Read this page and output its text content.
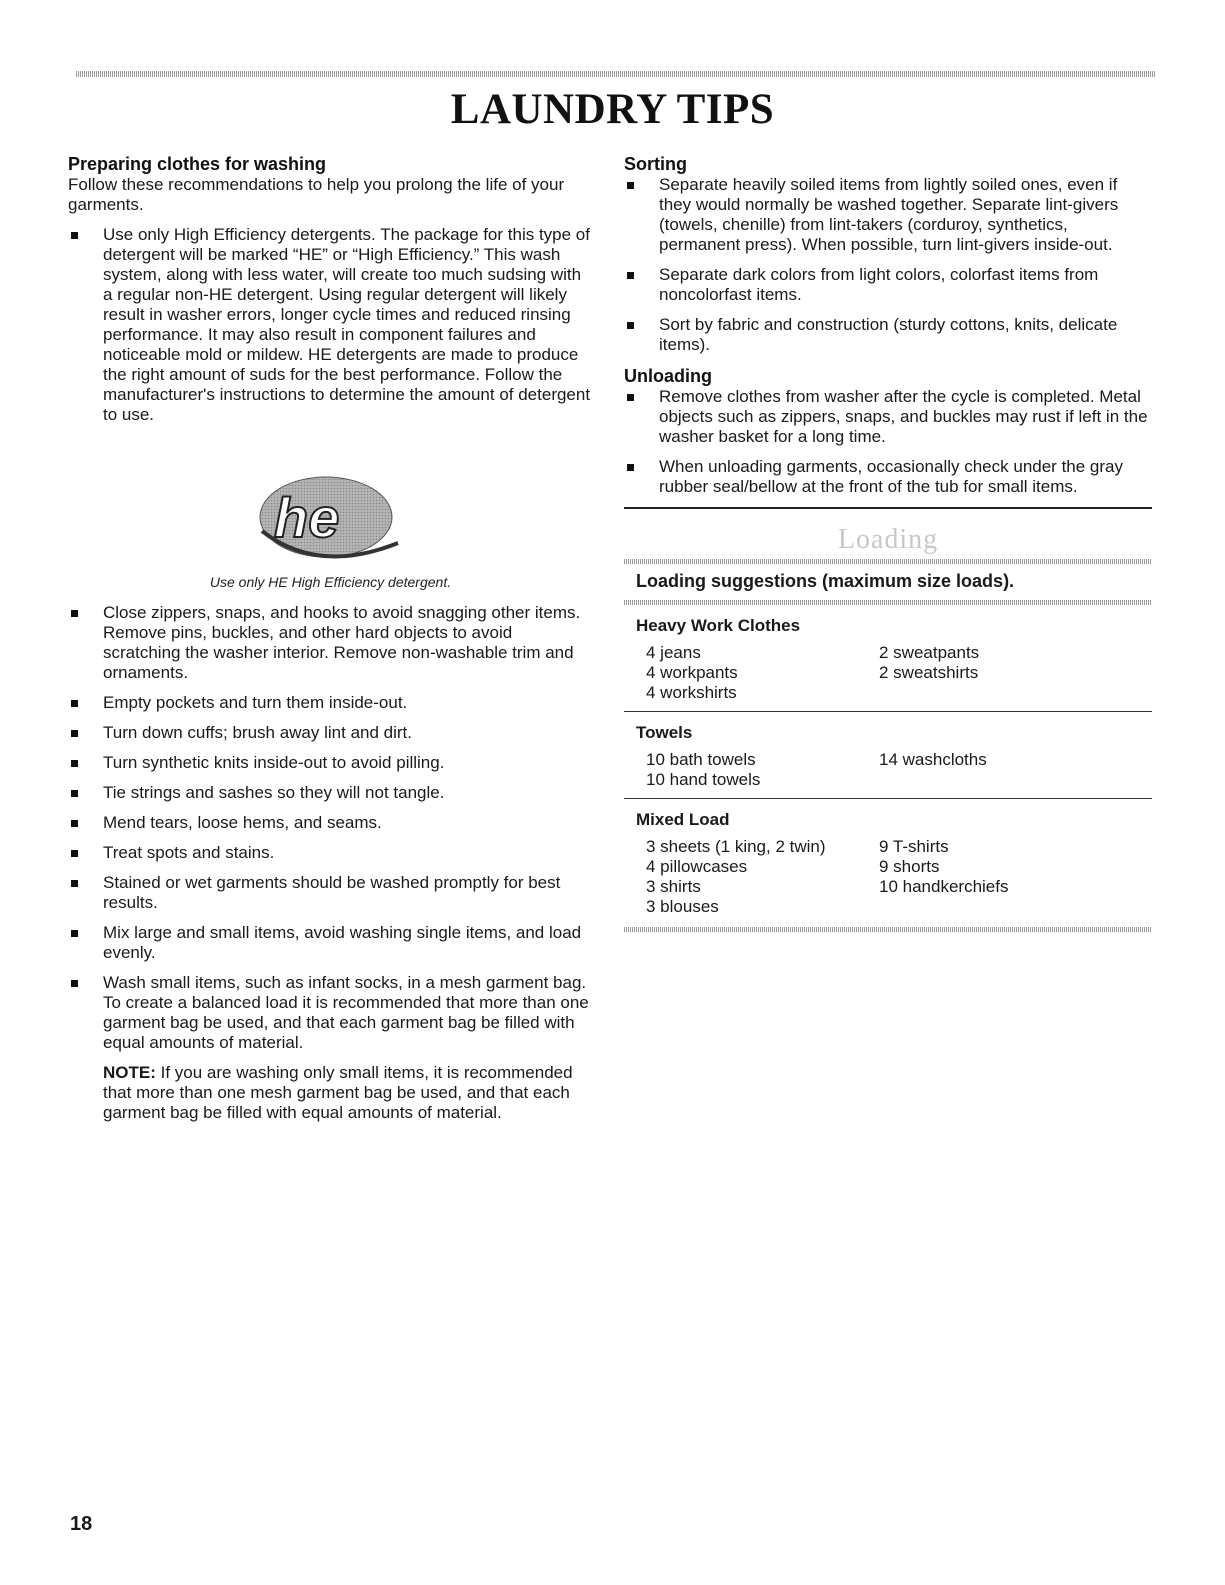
LAUNDRY TIPS
Preparing clothes for washing

Follow these recommendations to help you prolong the life of your garments.

Use only High Efficiency detergents. The package for this type of detergent will be marked “HE” or “High Efficiency.” This wash system, along with less water, will create too much sudsing with a regular non-HE detergent. Using regular detergent will likely result in washer errors, longer cycle times and reduced rinsing performance. It may also result in component failures and noticeable mold or mildew. HE detergents are made to produce the right amount of suds for the best performance. Follow the manufacturer's instructions to determine the amount of detergent to use.
he

Use only HE High Efficiency detergent.

Close zippers, snaps, and hooks to avoid snagging other items. Remove pins, buckles, and other hard objects to avoid scratching the washer interior. Remove non-washable trim and ornaments.
Empty pockets and turn them inside-out.
Turn down cuffs; brush away lint and dirt.
Turn synthetic knits inside-out to avoid pilling.
Tie strings and sashes so they will not tangle.
Mend tears, loose hems, and seams.
Treat spots and stains.
Stained or wet garments should be washed promptly for best results.
Mix large and small items, avoid washing single items, and load evenly.
Wash small items, such as infant socks, in a mesh garment bag. To create a balanced load it is recommended that more than one garment bag be used, and that each garment bag be filled with equal amounts of material.

NOTE: If you are washing only small items, it is recommended that more than one mesh garment bag be used, and that each garment bag be filled with equal amounts of material.

Sorting
Separate heavily soiled items from lightly soiled ones, even if they would normally be washed together. Separate lint-givers (towels, chenille) from lint-takers (corduroy, synthetics, permanent press). When possible, turn lint-givers inside-out.
Separate dark colors from light colors, colorfast items from noncolorfast items.
Sort by fabric and construction (sturdy cottons, knits, delicate items).
Unloading
Remove clothes from washer after the cycle is completed. Metal objects such as zippers, snaps, and buckles may rust if left in the washer basket for a long time.
When unloading garments, occasionally check under the gray rubber seal/bellow at the front of the tub for small items.
Loading
Loading suggestions (maximum size loads).
Heavy Work Clothes
4 jeans
4 workpants
4 workshirts
2 sweatpants
2 sweatshirts
Towels
10 bath towels
10 hand towels
14 washcloths
Mixed Load
3 sheets (1 king, 2 twin)
4 pillowcases
3 shirts
3 blouses
9 T-shirts
9 shorts
10 handkerchiefs
18
